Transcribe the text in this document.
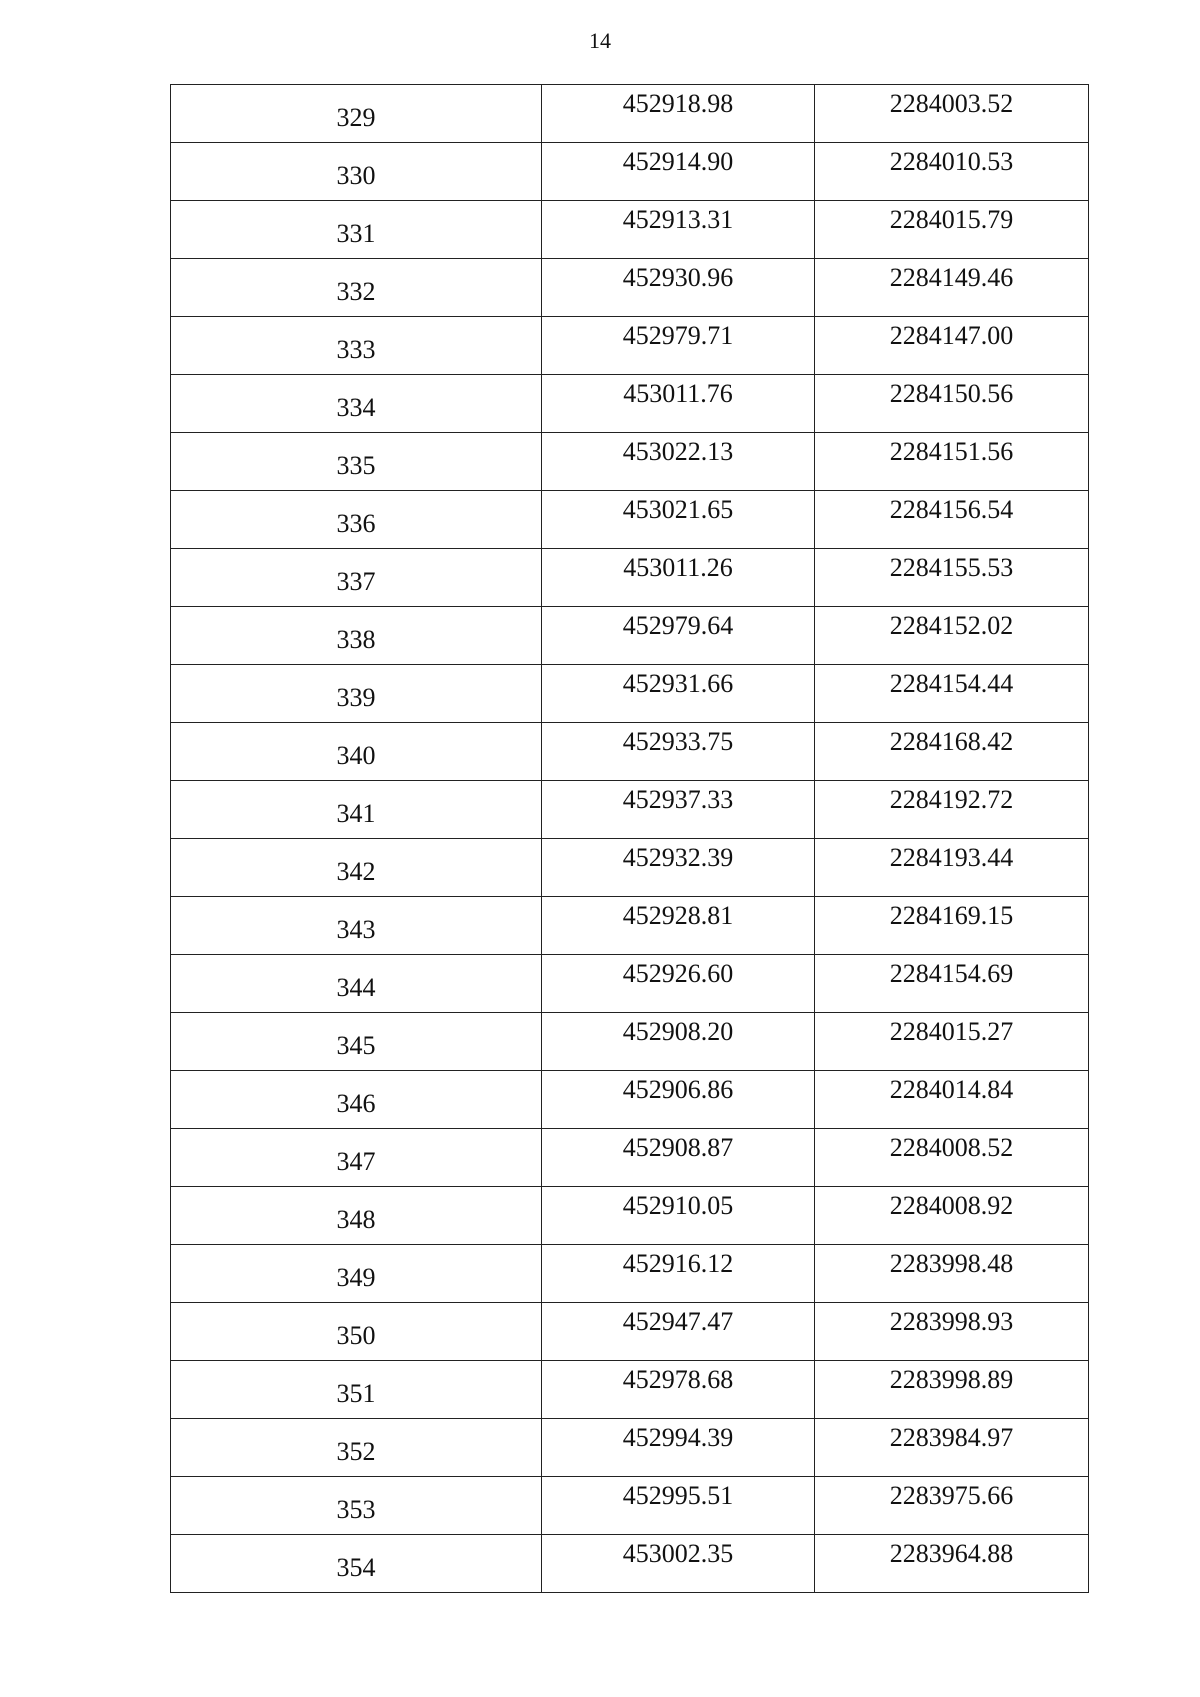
14
329	452918.98	2284003.52
330	452914.90	2284010.53
331	452913.31	2284015.79
332	452930.96	2284149.46
333	452979.71	2284147.00
334	453011.76	2284150.56
335	453022.13	2284151.56
336	453021.65	2284156.54
337	453011.26	2284155.53
338	452979.64	2284152.02
339	452931.66	2284154.44
340	452933.75	2284168.42
341	452937.33	2284192.72
342	452932.39	2284193.44
343	452928.81	2284169.15
344	452926.60	2284154.69
345	452908.20	2284015.27
346	452906.86	2284014.84
347	452908.87	2284008.52
348	452910.05	2284008.92
349	452916.12	2283998.48
350	452947.47	2283998.93
351	452978.68	2283998.89
352	452994.39	2283984.97
353	452995.51	2283975.66
354	453002.35	2283964.88
